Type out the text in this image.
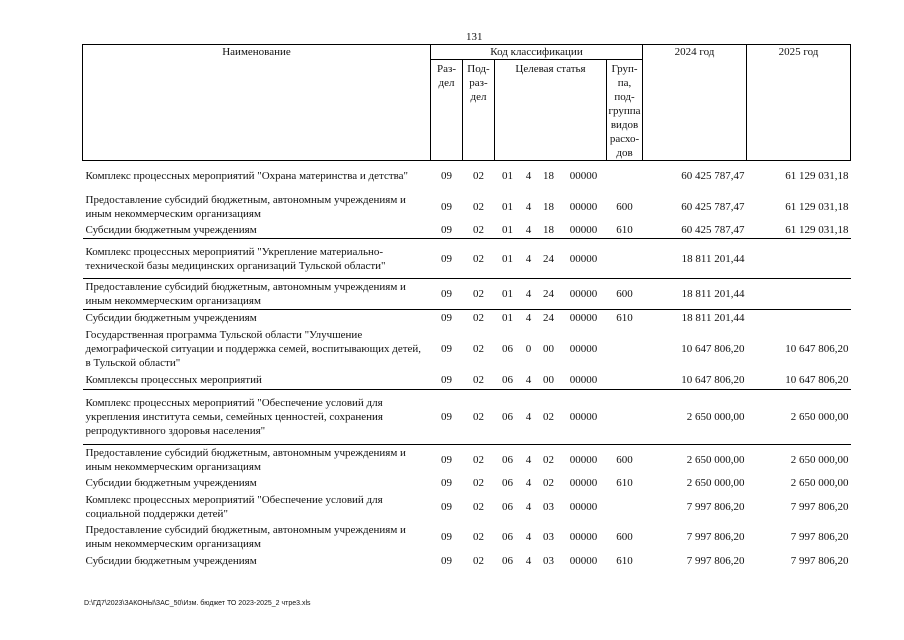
131
Наименование	Код классификации							2024 год	2025 год
	Раз-дел	Под-раз-дел	Целевая статья				Груп-па, под-группа видов расхо-дов		
Комплекс процессных мероприятий "Охрана материнства и детства"	09	02	01	4	18	00000		60 425 787,47	61 129 031,18
Предоставление субсидий бюджетным, автономным учреждениям и иным некоммерческим организациям	09	02	01	4	18	00000	600	60 425 787,47	61 129 031,18
Субсидии бюджетным учреждениям	09	02	01	4	18	00000	610	60 425 787,47	61 129 031,18
Комплекс процессных мероприятий "Укрепление материально-технической базы медицинских организаций Тульской области"	09	02	01	4	24	00000		18 811 201,44	
Предоставление субсидий бюджетным, автономным учреждениям и иным некоммерческим организациям	09	02	01	4	24	00000	600	18 811 201,44	
Субсидии бюджетным учреждениям	09	02	01	4	24	00000	610	18 811 201,44	
Государственная программа Тульской области "Улучшение демографической ситуации и поддержка семей, воспитывающих детей, в Тульской области"	09	02	06	0	00	00000		10 647 806,20	10 647 806,20
Комплексы процессных мероприятий	09	02	06	4	00	00000		10 647 806,20	10 647 806,20
Комплекс процессных мероприятий "Обеспечение условий для укрепления института семьи, семейных ценностей, сохранения репродуктивного здоровья населения"	09	02	06	4	02	00000		2 650 000,00	2 650 000,00
Предоставление субсидий бюджетным, автономным учреждениям и иным некоммерческим организациям	09	02	06	4	02	00000	600	2 650 000,00	2 650 000,00
Субсидии бюджетным учреждениям	09	02	06	4	02	00000	610	2 650 000,00	2 650 000,00
Комплекс процессных мероприятий "Обеспечение условий для социальной поддержки детей"	09	02	06	4	03	00000		7 997 806,20	7 997 806,20
Предоставление субсидий бюджетным, автономным учреждениям и иным некоммерческим организациям	09	02	06	4	03	00000	600	7 997 806,20	7 997 806,20
Субсидии бюджетным учреждениям	09	02	06	4	03	00000	610	7 997 806,20	7 997 806,20
D:\ГД7\2023\ЗАКОНЫ\ЗАС_50\Изм. бюджет ТО 2023-2025_2 чтре3.xls
